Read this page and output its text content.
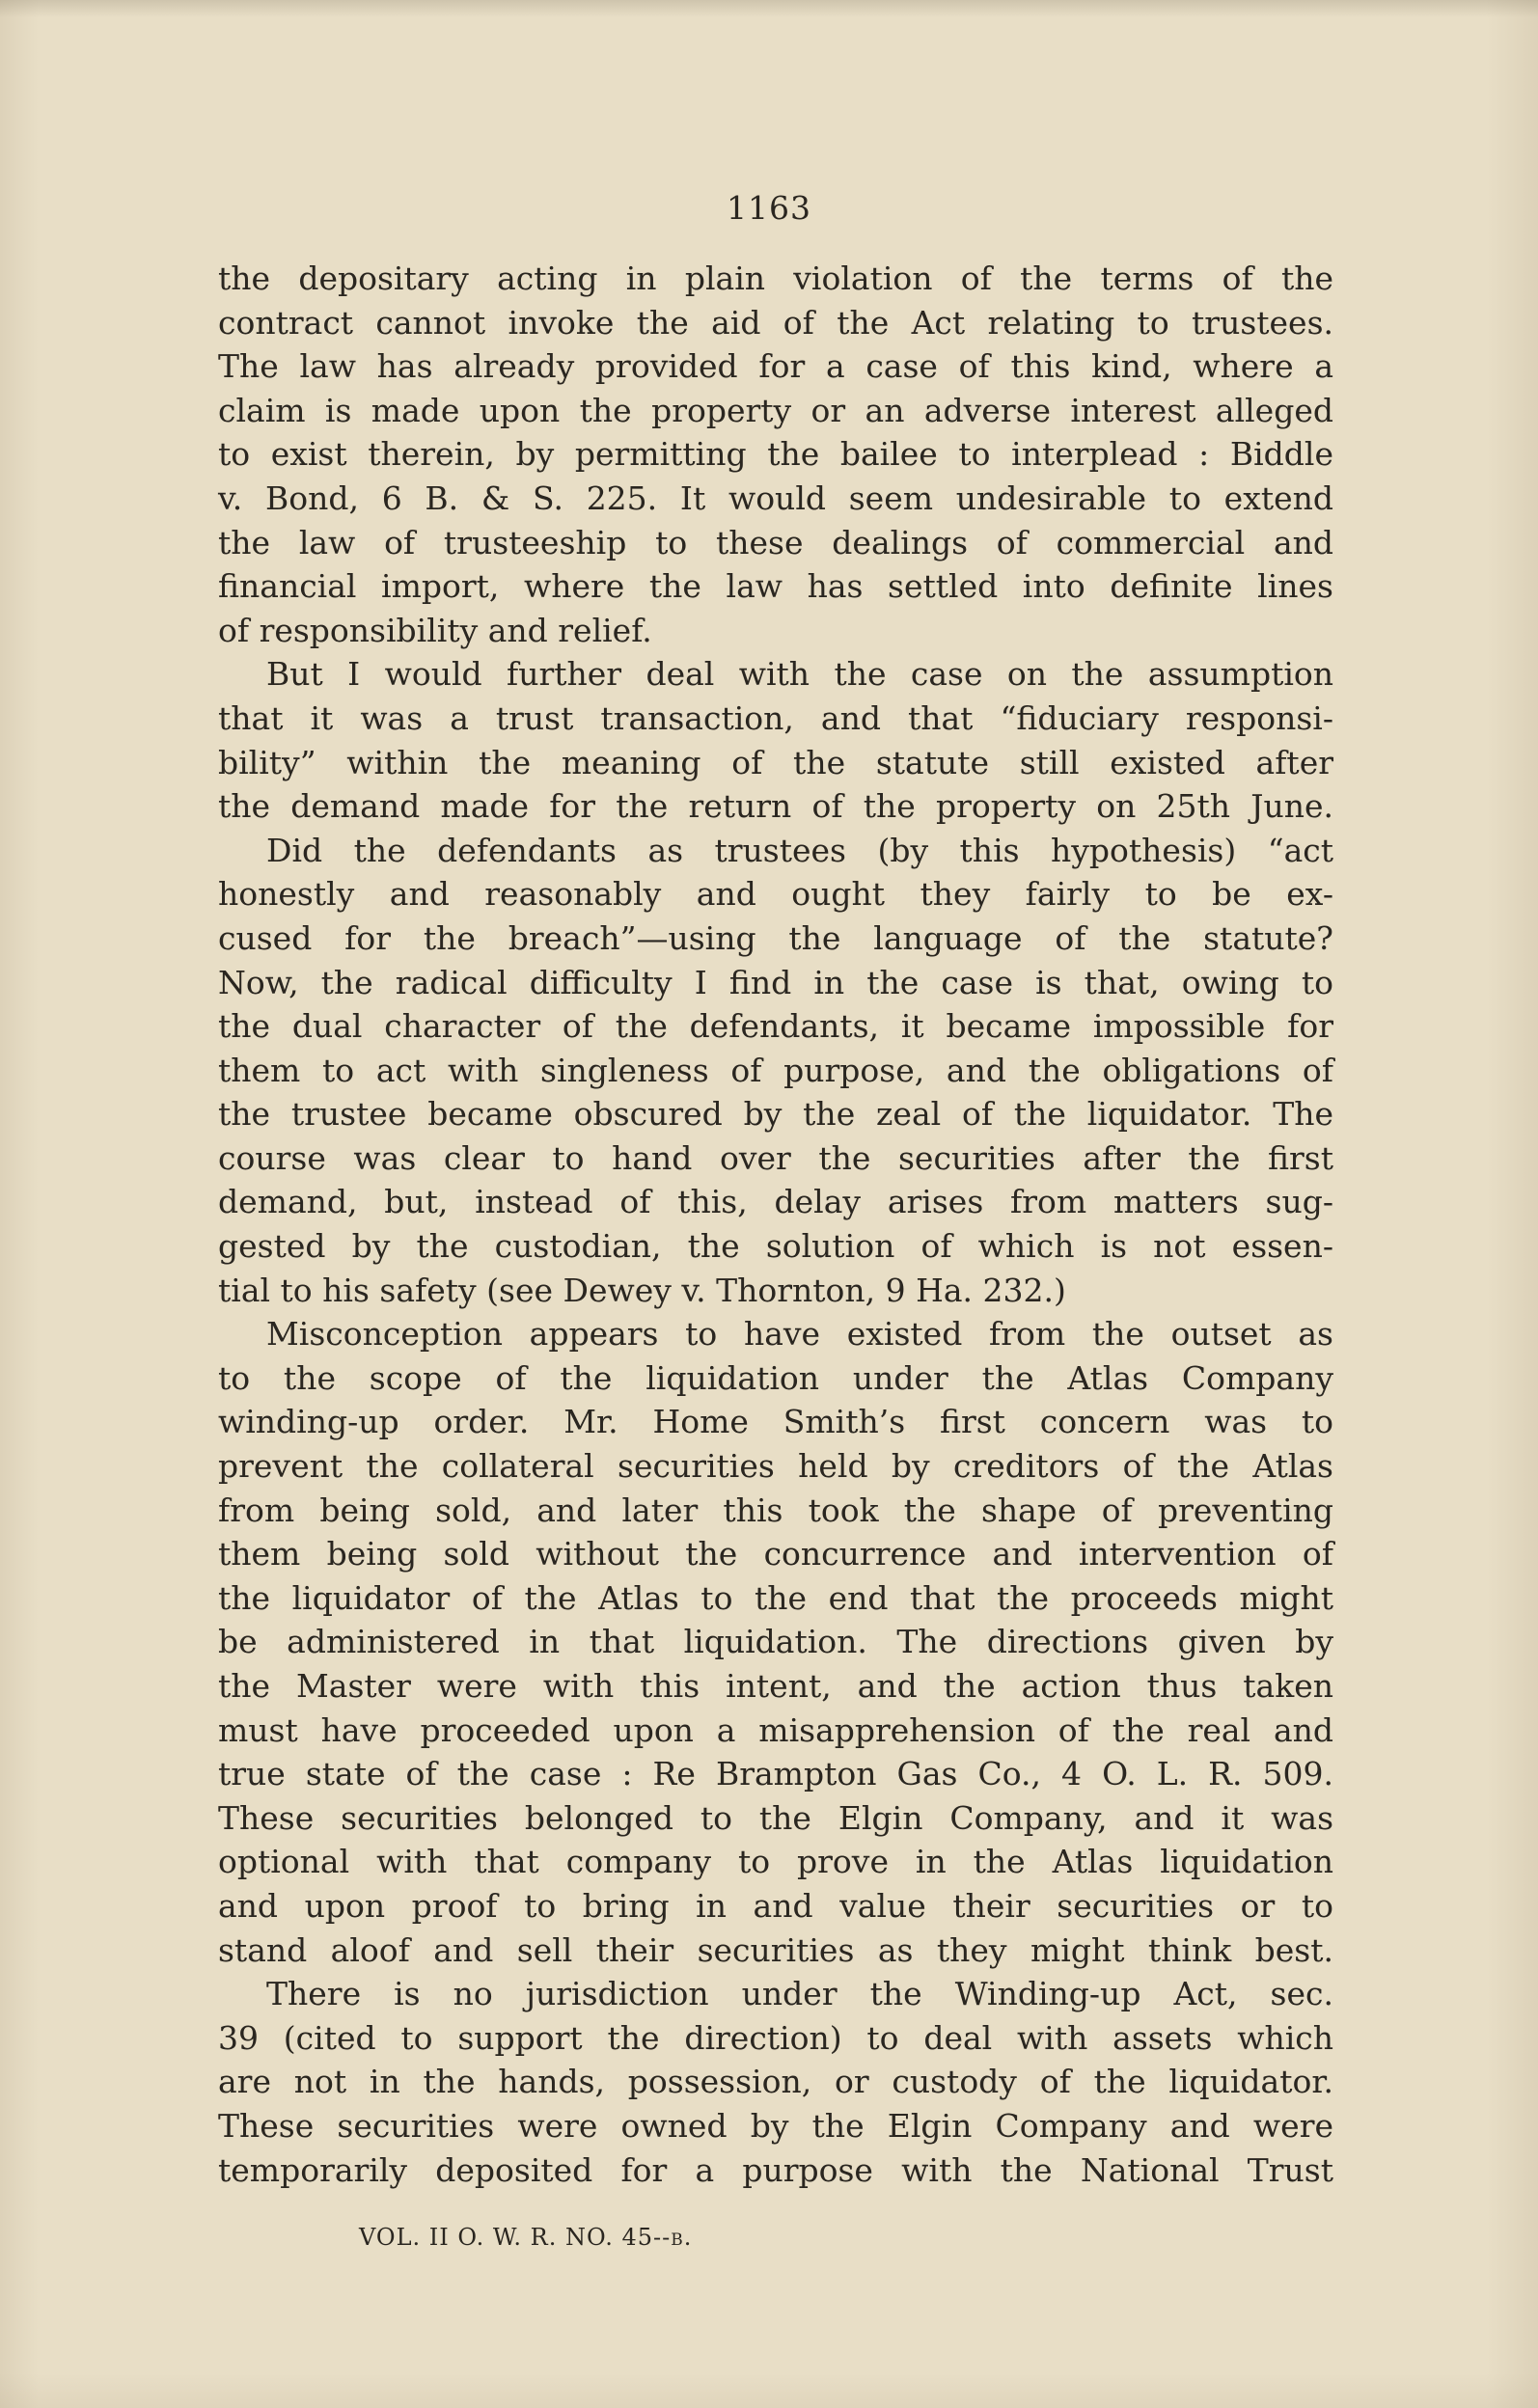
1163
the depositary acting in plain violation of the terms of the
contract cannot invoke the aid of the Act relating to trustees.
The law has already provided for a case of this kind, where a
claim is made upon the property or an adverse interest alleged
to exist therein, by permitting the bailee to interplead : Biddle
v. Bond, 6 B. & S. 225. It would seem undesirable to extend
the law of trusteeship to these dealings of commercial and
financial import, where the law has settled into definite lines
of responsibility and relief.
But I would further deal with the case on the assumption
that it was a trust transaction, and that “fiduciary responsi-
bility” within the meaning of the statute still existed after
the demand made for the return of the property on 25th June.
Did the defendants as trustees (by this hypothesis) “act
honestly and reasonably and ought they fairly to be ex-
cused for the breach”—using the language of the statute?
Now, the radical difficulty I find in the case is that, owing to
the dual character of the defendants, it became impossible for
them to act with singleness of purpose, and the obligations of
the trustee became obscured by the zeal of the liquidator. The
course was clear to hand over the securities after the first
demand, but, instead of this, delay arises from matters sug-
gested by the custodian, the solution of which is not essen-
tial to his safety (see Dewey v. Thornton, 9 Ha. 232.)
Misconception appears to have existed from the outset as
to the scope of the liquidation under the Atlas Company
winding-up order. Mr. Home Smith’s first concern was to
prevent the collateral securities held by creditors of the Atlas
from being sold, and later this took the shape of preventing
them being sold without the concurrence and intervention of
the liquidator of the Atlas to the end that the proceeds might
be administered in that liquidation. The directions given by
the Master were with this intent, and the action thus taken
must have proceeded upon a misapprehension of the real and
true state of the case : Re Brampton Gas Co., 4 O. L. R. 509.
These securities belonged to the Elgin Company, and it was
optional with that company to prove in the Atlas liquidation
and upon proof to bring in and value their securities or to
stand aloof and sell their securities as they might think best.
There is no jurisdiction under the Winding-up Act, sec.
39 (cited to support the direction) to deal with assets which
are not in the hands, possession, or custody of the liquidator.
These securities were owned by the Elgin Company and were
temporarily deposited for a purpose with the National Trust
VOL. II O. W. R. NO. 45--b.
